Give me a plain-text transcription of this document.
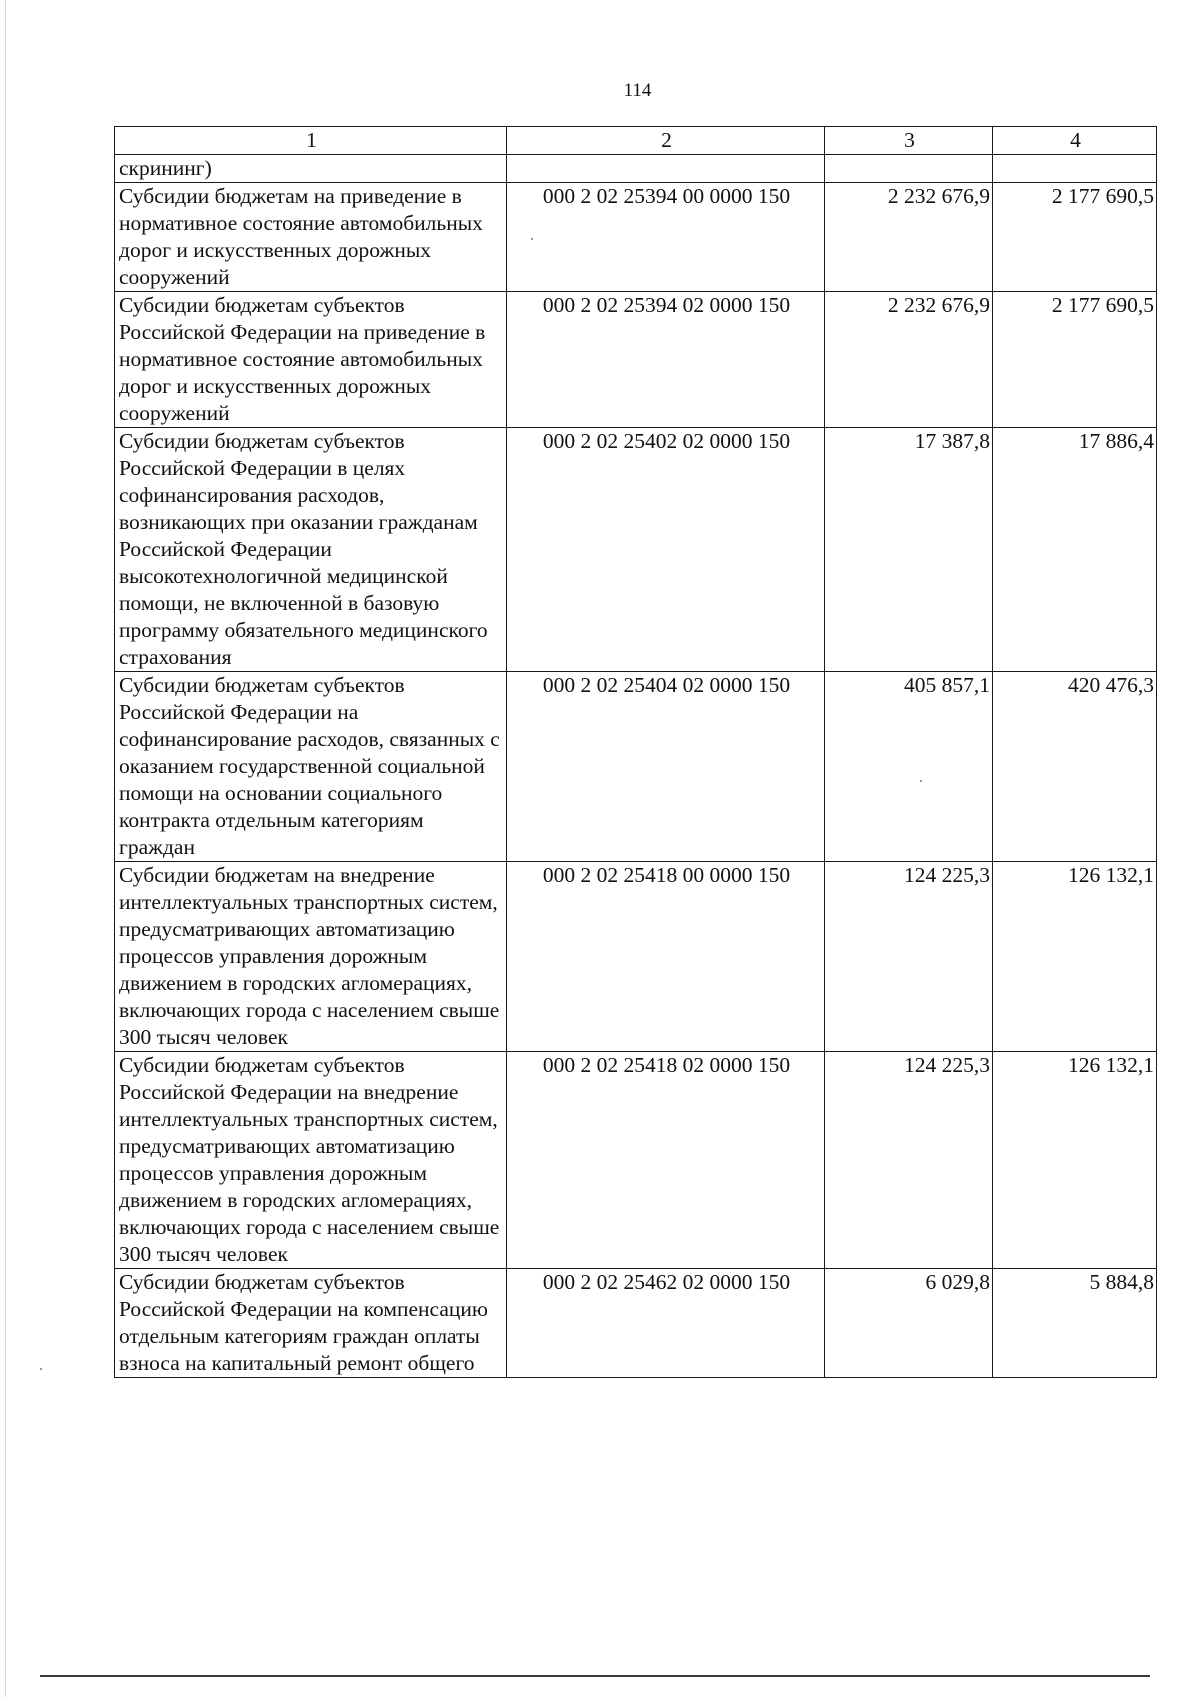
114
1	2	3	4
скрининг)			
Субсидии бюджетам на приведение в нормативное состояние автомобильных дорог и искусственных дорожных сооружений	000 2 02 25394 00 0000 150	2 232 676,9	2 177 690,5
Субсидии бюджетам субъектов Российской Федерации на приведение в нормативное состояние автомобильных дорог и искусственных дорожных сооружений	000 2 02 25394 02 0000 150	2 232 676,9	2 177 690,5
Субсидии бюджетам субъектов Российской Федерации в целях софинансирования расходов, возникающих при оказании гражданам Российской Федерации высокотехнологичной медицинской помощи, не включенной в базовую программу обязательного медицинского страхования	000 2 02 25402 02 0000 150	17 387,8	17 886,4
Субсидии бюджетам субъектов Российской Федерации на софинансирование расходов, связанных с оказанием государственной социальной помощи на основании социального контракта отдельным категориям граждан	000 2 02 25404 02 0000 150	405 857,1	420 476,3
Субсидии бюджетам на внедрение интеллектуальных транспортных систем, предусматривающих автоматизацию процессов управления дорожным движением в городских агломерациях, включающих города с населением свыше 300 тысяч человек	000 2 02 25418 00 0000 150	124 225,3	126 132,1
Субсидии бюджетам субъектов Российской Федерации на внедрение интеллектуальных транспортных систем, предусматривающих автоматизацию процессов управления дорожным движением в городских агломерациях, включающих города с населением свыше 300 тысяч человек	000 2 02 25418 02 0000 150	124 225,3	126 132,1
Субсидии бюджетам субъектов Российской Федерации на компенсацию отдельным категориям граждан оплаты взноса на капитальный ремонт общего	000 2 02 25462 02 0000 150	6 029,8	5 884,8
